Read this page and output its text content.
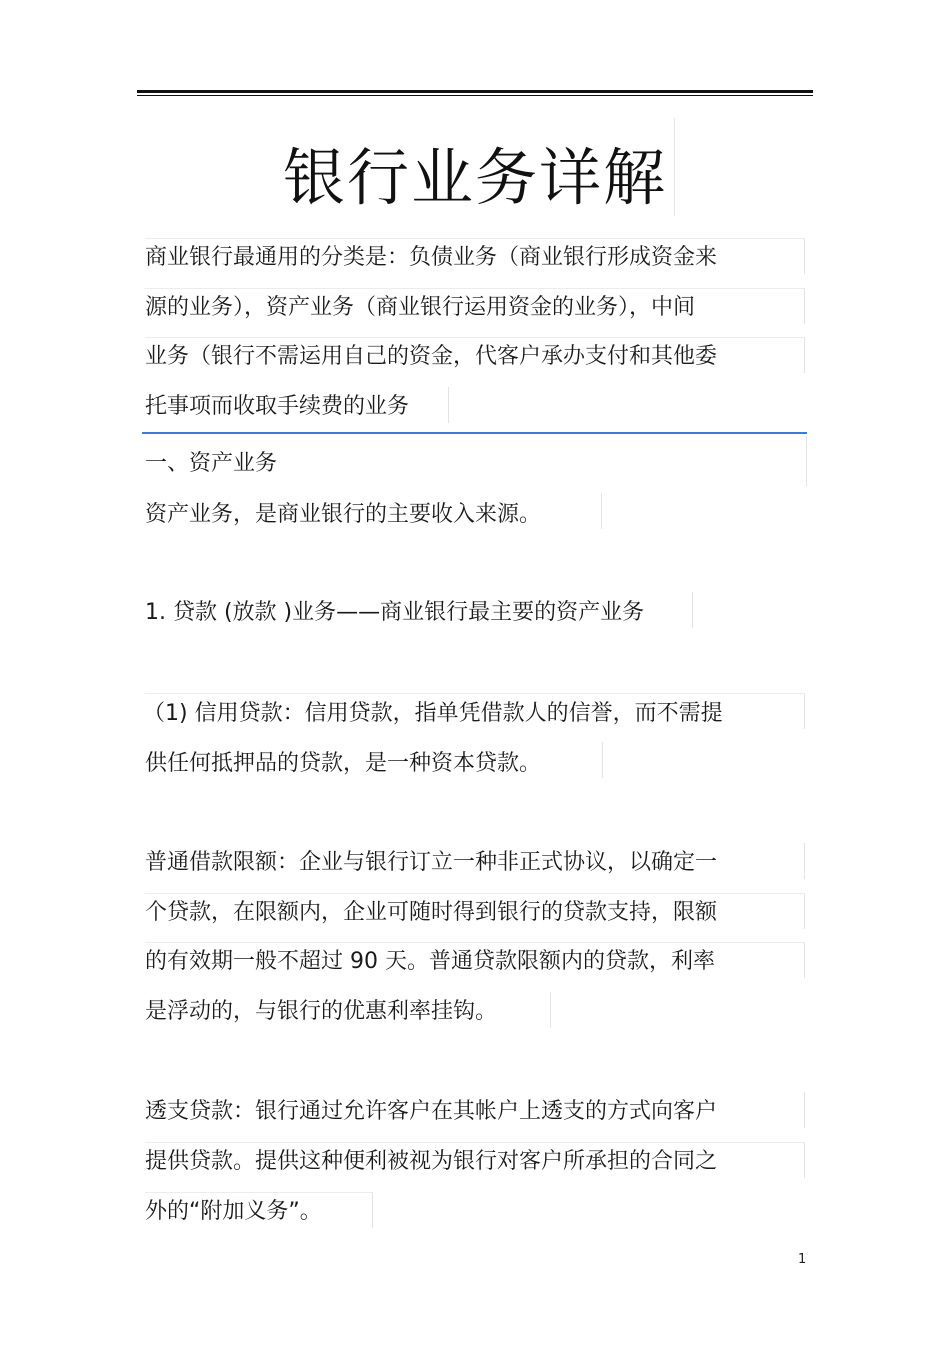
银行业务详解
商业银行最通用的分类是：负债业务（商业银行形成资金来
源的业务），资产业务（商业银行运用资金的业务），中间
业务（银行不需运用自己的资金，代客户承办支付和其他委
托事项而收取手续费的业务
一、资产业务
资产业务，是商业银行的主要收入来源。
1. 贷款 (放款 )业务——商业银行最主要的资产业务
（1) 信用贷款：信用贷款，指单凭借款人的信誉，而不需提
供任何抵押品的贷款，是一种资本贷款。
普通借款限额：企业与银行订立一种非正式协议，以确定一
个贷款，在限额内，企业可随时得到银行的贷款支持，限额
的有效期一般不超过 90 天。普通贷款限额内的贷款，利率
是浮动的，与银行的优惠利率挂钩。
透支贷款：银行通过允许客户在其帐户上透支的方式向客户
提供贷款。提供这种便利被视为银行对客户所承担的合同之
外的“附加义务”。
1
